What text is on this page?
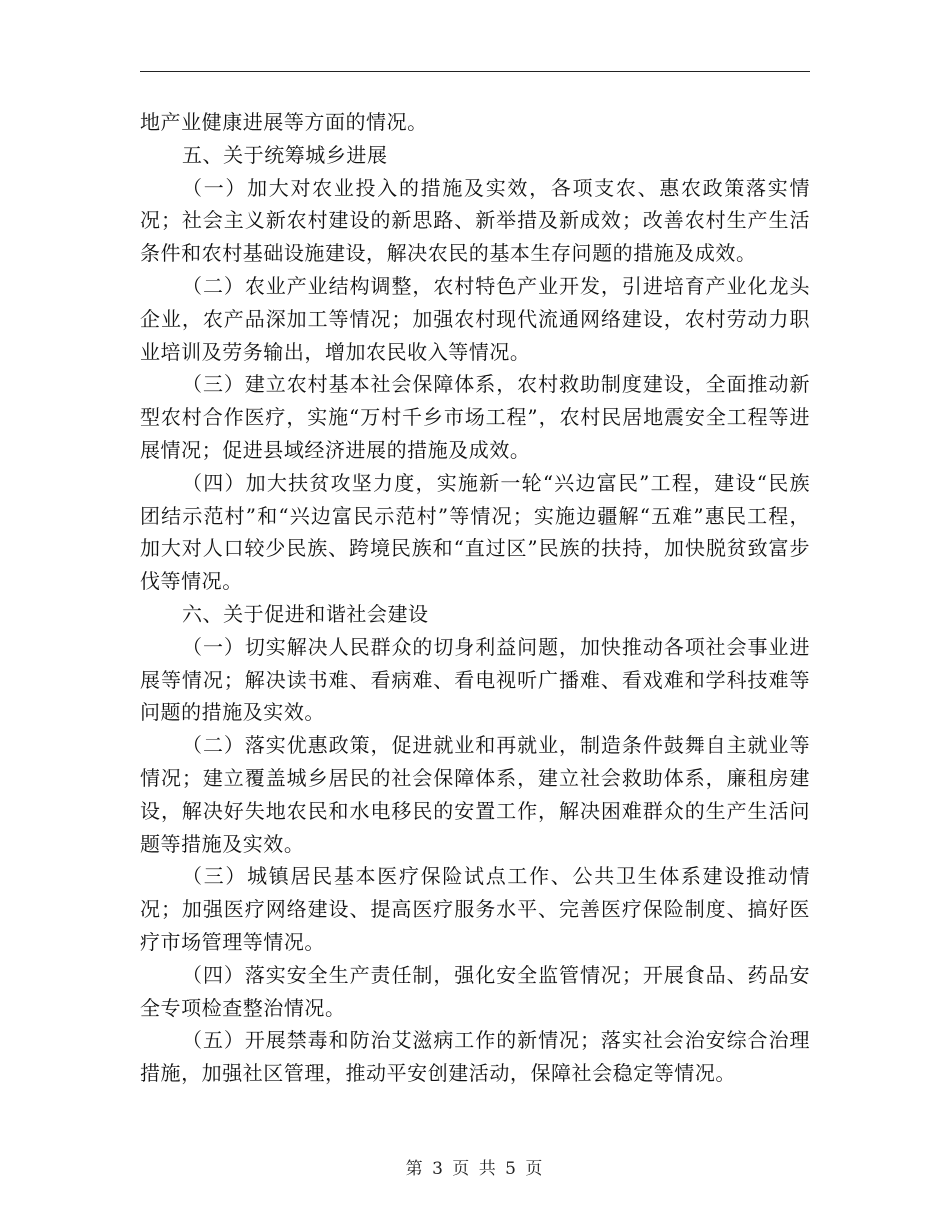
地产业健康进展等方面的情况。

五、关于统筹城乡进展

（一）加大对农业投入的措施及实效，各项支农、惠农政策落实情况；社会主义新农村建设的新思路、新举措及新成效；改善农村生产生活条件和农村基础设施建设，解决农民的基本生存问题的措施及成效。

（二）农业产业结构调整，农村特色产业开发，引进培育产业化龙头企业，农产品深加工等情况；加强农村现代流通网络建设，农村劳动力职业培训及劳务输出，增加农民收入等情况。

（三）建立农村基本社会保障体系，农村救助制度建设，全面推动新型农村合作医疗，实施“万村千乡市场工程”，农村民居地震安全工程等进展情况；促进县域经济进展的措施及成效。

（四）加大扶贫攻坚力度，实施新一轮“兴边富民”工程，建设“民族团结示范村”和“兴边富民示范村”等情况；实施边疆解“五难”惠民工程，加大对人口较少民族、跨境民族和“直过区”民族的扶持，加快脱贫致富步伐等情况。

六、关于促进和谐社会建设

（一）切实解决人民群众的切身利益问题，加快推动各项社会事业进展等情况；解决读书难、看病难、看电视听广播难、看戏难和学科技难等问题的措施及实效。

（二）落实优惠政策，促进就业和再就业，制造条件鼓舞自主就业等情况；建立覆盖城乡居民的社会保障体系，建立社会救助体系，廉租房建设，解决好失地农民和水电移民的安置工作，解决困难群众的生产生活问题等措施及实效。

（三）城镇居民基本医疗保险试点工作、公共卫生体系建设推动情况；加强医疗网络建设、提高医疗服务水平、完善医疗保险制度、搞好医疗市场管理等情况。

（四）落实安全生产责任制，强化安全监管情况；开展食品、药品安全专项检查整治情况。

（五）开展禁毒和防治艾滋病工作的新情况；落实社会治安综合治理措施，加强社区管理，推动平安创建活动，保障社会稳定等情况。

第 3 页 共 5 页
